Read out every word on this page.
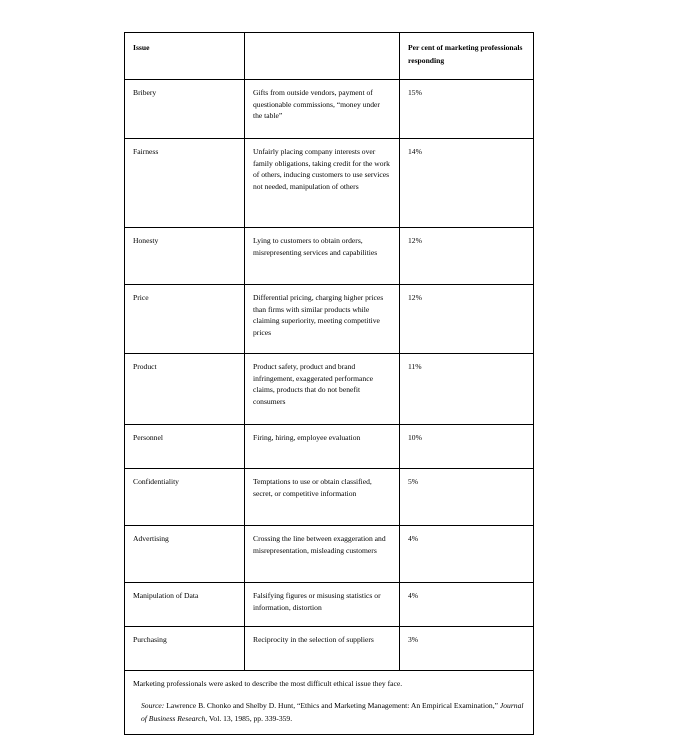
Issue		Per cent of marketing professionals responding
Bribery	Gifts from outside vendors, payment of questionable commissions, “money under the table”	15%
Fairness	Unfairly placing company interests over family obligations, taking credit for the work of others, inducing customers to use services not needed, manipulation of others	14%
Honesty	Lying to customers to obtain orders, misrepresenting services and capabilities	12%
Price	Differential pricing, charging higher prices than firms with similar products while claiming superiority, meeting competitive prices	12%
Product	Product safety, product and brand infringement, exaggerated performance claims, products that do not benefit consumers	11%
Personnel	Firing, hiring, employee evaluation	10%
Confidentiality	Temptations to use or obtain classified, secret, or competitive information	5%
Advertising	Crossing the line between exaggeration and misrepresentation, misleading customers	4%
Manipulation of Data	Falsifying figures or misusing statistics or information, distortion	4%
Purchasing	Reciprocity in the selection of suppliers	3%

Marketing professionals were asked to describe the most difficult ethical issue they face.

Source: Lawrence B. Chonko and Shelby D. Hunt, “Ethics and Marketing Management: An Empirical Examination,” Journal of Business Research, Vol. 13, 1985, pp. 339-359.		
